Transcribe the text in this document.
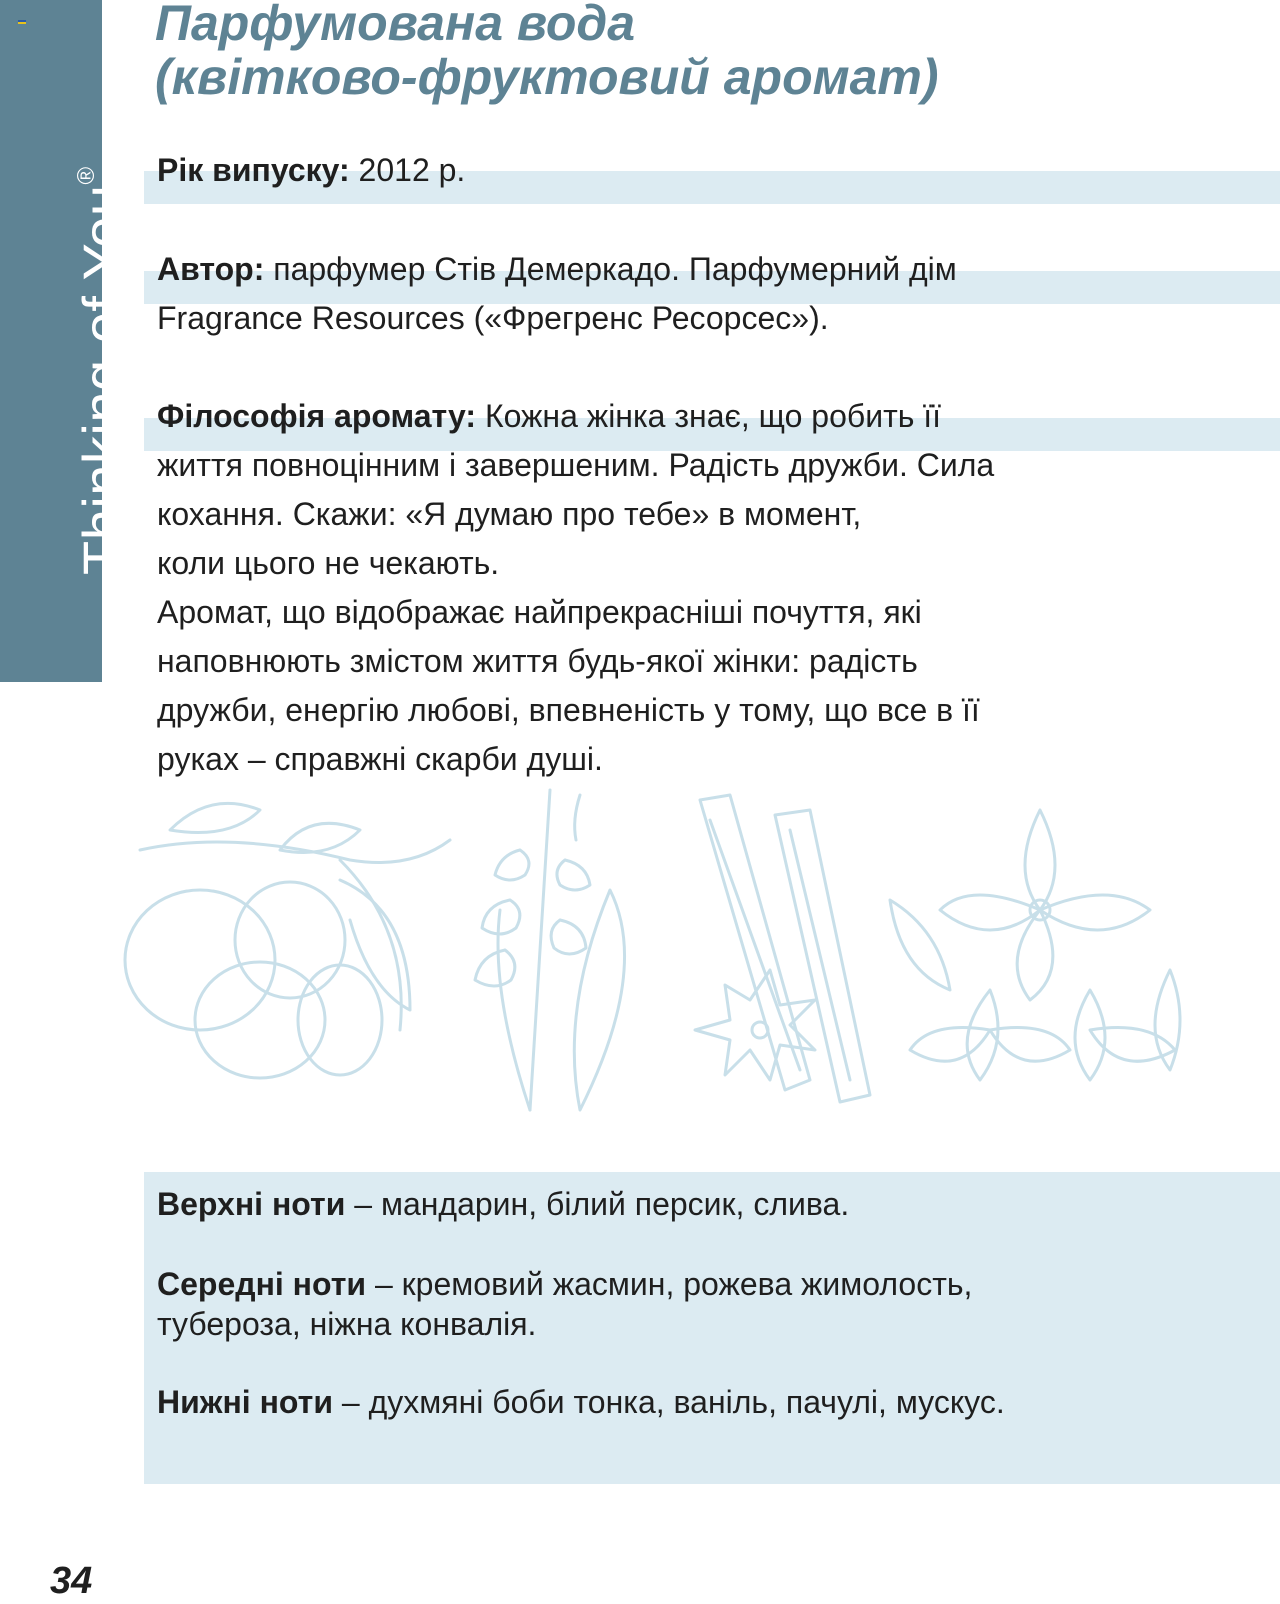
Thinking of You®
Парфумована вода
(квітково-фруктовий аромат)

Рік випуску: 2012 р.

Автор: парфумер Стів Демеркадо. Парфумерний дім
Fragrance Resources («Фрегренс Ресорсес»).

Філософія аромату: Кожна жінка знає, що робить її
життя повноцінним і завершеним. Радість дружби. Сила
кохання. Скажи: «Я думаю про тебе» в момент,
коли цього не чекають.
Аромат, що відображає найпрекрасніші почуття, які
наповнюють змістом життя будь-якої жінки: радість
дружби, енергію любові, впевненість у тому, що все в її
руках – справжні скарби душі.

Верхні ноти – мандарин, білий персик, слива.

Середні ноти – кремовий жасмин, рожева жимолость,
тубероза, ніжна конвалія.

Нижні ноти – духмяні боби тонка, ваніль, пачулі, мускус.

34
